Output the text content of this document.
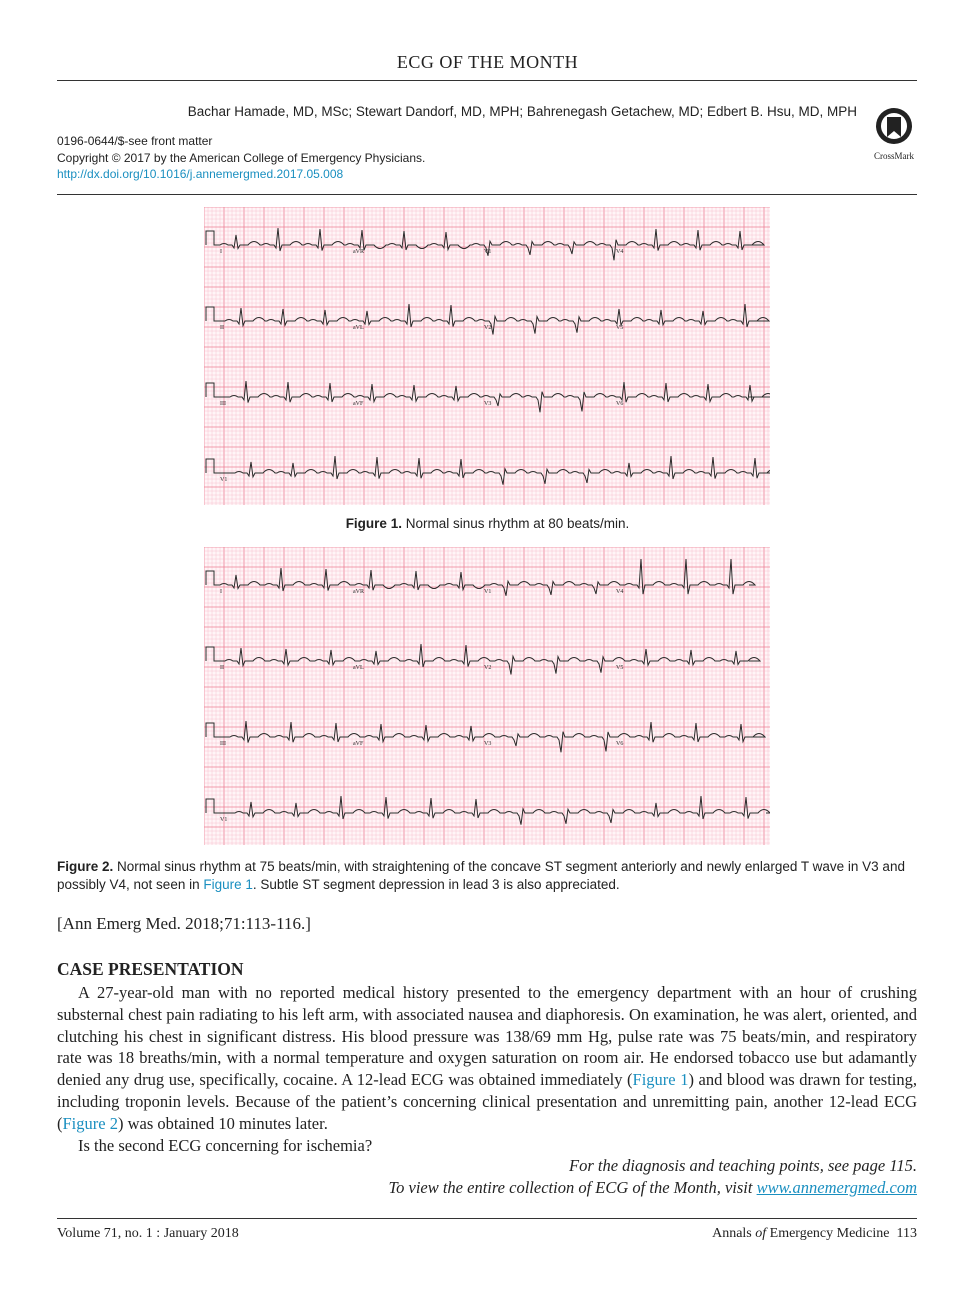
ECG OF THE MONTH
Bachar Hamade, MD, MSc; Stewart Dandorf, MD, MPH; Bahrenegash Getachew, MD; Edbert B. Hsu, MD, MPH
0196-0644/$-see front matter
Copyright © 2017 by the American College of Emergency Physicians.
http://dx.doi.org/10.1016/j.annemergmed.2017.05.008
CrossMark
I	aVR	V1	V4
II	aVL	V2	V5
III	aVF	V3	V6
V1
Figure 1. Normal sinus rhythm at 80 beats/min.
I	aVR	V1	V4
II	aVL	V2	V5
III	aVF	V3	V6
V1
Figure 2. Normal sinus rhythm at 75 beats/min, with straightening of the concave ST segment anteriorly and newly enlarged T wave in V3 and possibly V4, not seen in Figure 1. Subtle ST segment depression in lead 3 is also appreciated.
[Ann Emerg Med. 2018;71:113-116.]
CASE PRESENTATION

A 27-year-old man with no reported medical history presented to the emergency department with an hour of crushing substernal chest pain radiating to his left arm, with associated nausea and diaphoresis. On examination, he was alert, oriented, and clutching his chest in significant distress. His blood pressure was 138/69 mm Hg, pulse rate was 75 beats/min, and respiratory rate was 18 breaths/min, with a normal temperature and oxygen saturation on room air. He endorsed tobacco use but adamantly denied any drug use, specifically, cocaine. A 12-lead ECG was obtained immediately (Figure 1) and blood was drawn for testing, including troponin levels. Because of the patient’s concerning clinical presentation and unremitting pain, another 12-lead ECG (Figure 2) was obtained 10 minutes later.

Is the second ECG concerning for ischemia?

For the diagnosis and teaching points, see page 115.
To view the entire collection of ECG of the Month, visit www.annemergmed.com
Volume 71, no. 1 : January 2018	Annals of Emergency Medicine 113
